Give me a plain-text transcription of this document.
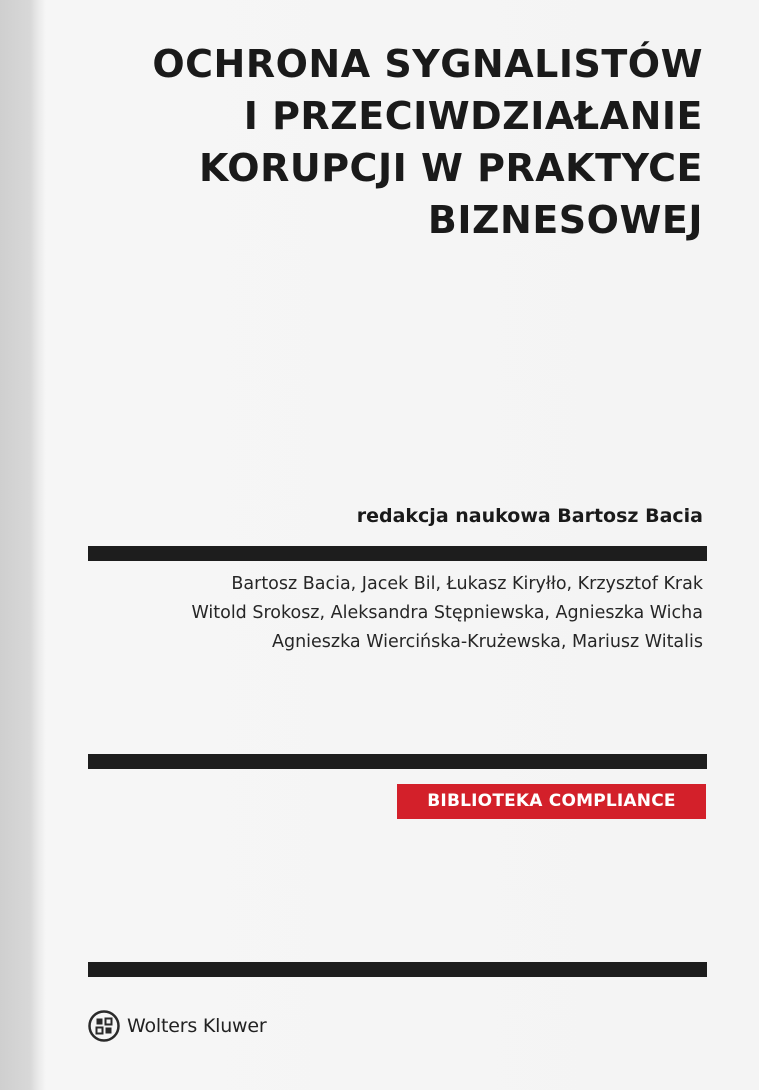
OCHRONA SYGNALISTÓW
I PRZECIWDZIAŁANIE
KORUPCJI W PRAKTYCE
BIZNESOWEJ
redakcja naukowa Bartosz Bacia
Bartosz Bacia, Jacek Bil, Łukasz Kiryłło, Krzysztof Krak
Witold Srokosz, Aleksandra Stępniewska, Agnieszka Wicha
Agnieszka Wiercińska-Krużewska, Mariusz Witalis
BIBLIOTEKA COMPLIANCE
Wolters Kluwer
